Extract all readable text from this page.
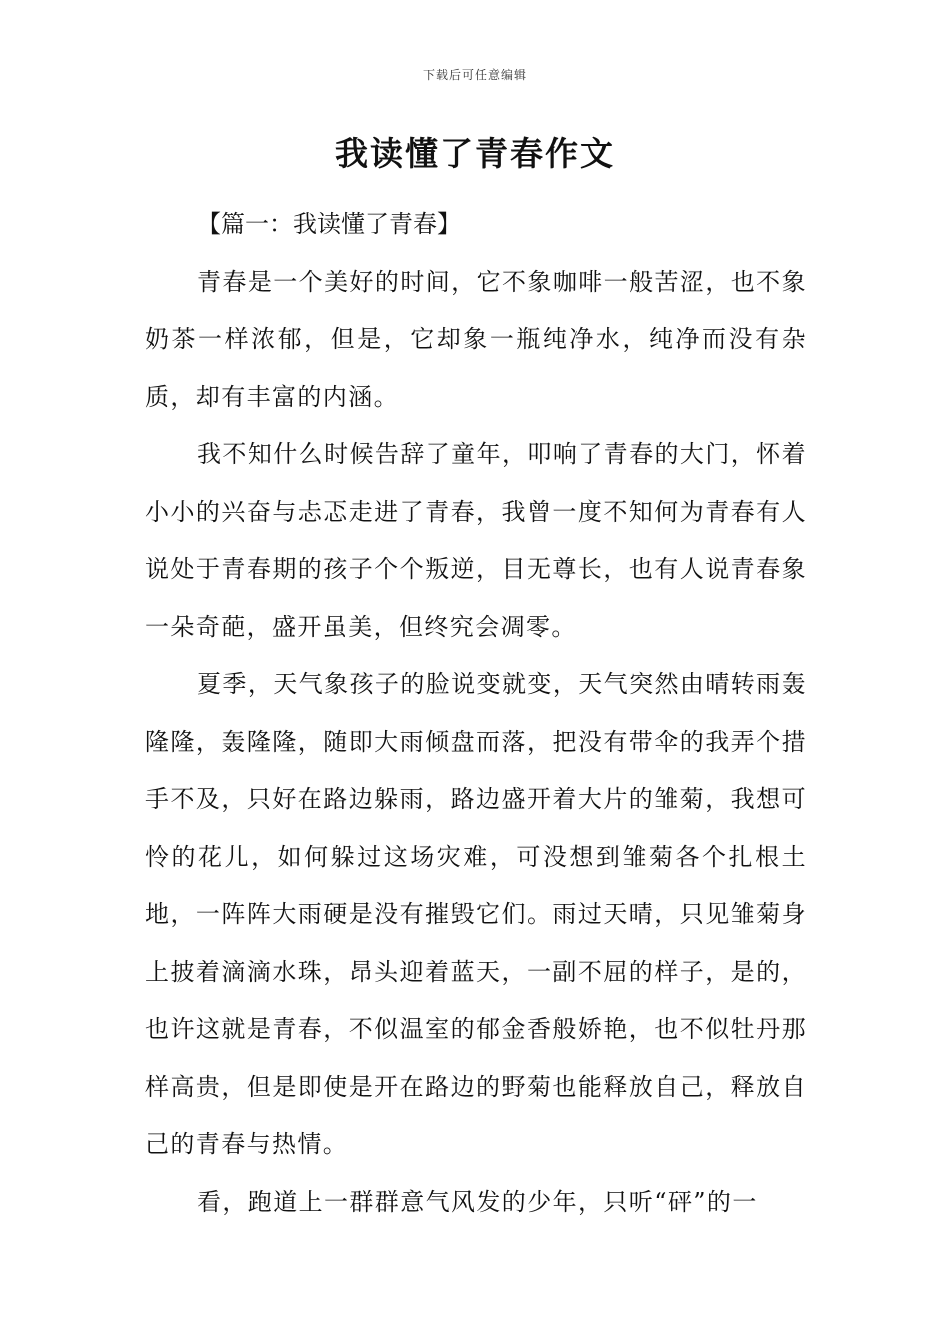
下载后可任意编辑
我读懂了青春作文

【篇一：我读懂了青春】

青春是一个美好的时间，它不象咖啡一般苦涩，也不象奶茶一样浓郁，但是，它却象一瓶纯净水，纯净而没有杂质，却有丰富的内涵。

我不知什么时候告辞了童年，叩响了青春的大门，怀着小小的兴奋与忐忑走进了青春，我曾一度不知何为青春有人说处于青春期的孩子个个叛逆，目无尊长，也有人说青春象一朵奇葩，盛开虽美，但终究会凋零。

夏季，天气象孩子的脸说变就变，天气突然由晴转雨轰隆隆，轰隆隆，随即大雨倾盘而落，把没有带伞的我弄个措手不及，只好在路边躲雨，路边盛开着大片的雏菊，我想可怜的花儿，如何躲过这场灾难，可没想到雏菊各个扎根土地，一阵阵大雨硬是没有摧毁它们。雨过天晴，只见雏菊身上披着滴滴水珠，昂头迎着蓝天，一副不屈的样子，是的，也许这就是青春，不似温室的郁金香般娇艳，也不似牡丹那样高贵，但是即使是开在路边的野菊也能释放自己，释放自己的青春与热情。

看，跑道上一群群意气风发的少年，只听“砰”的一
